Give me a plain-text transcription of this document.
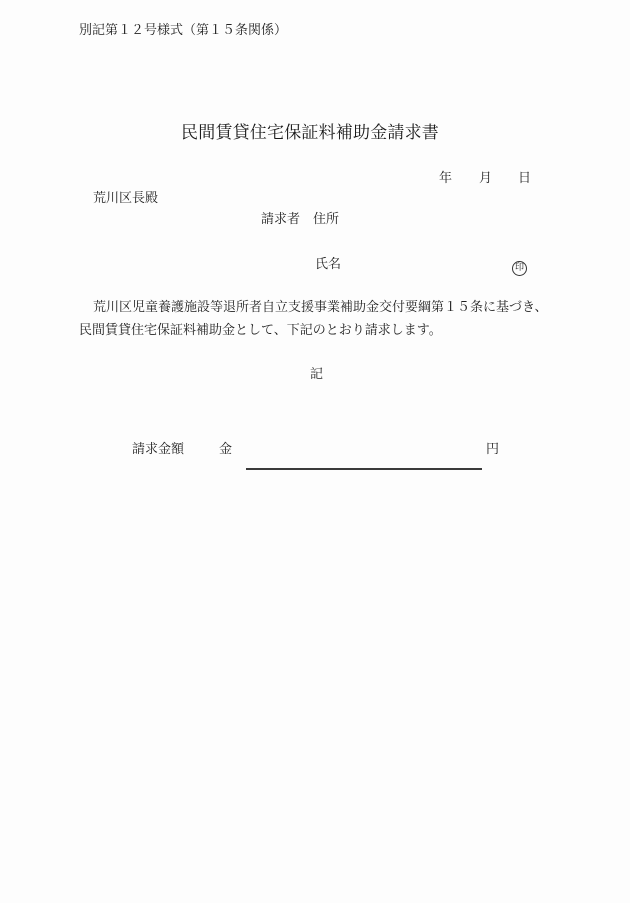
別記第１２号様式（第１５条関係）
民間賃貸住宅保証料補助金請求書
年 月 日
荒川区長殿
請求者 住所
氏名	印
荒川区児童養護施設等退所者自立支援事業補助金交付要綱第１５条に基づき、
民間賃貸住宅保証料補助金として、下記のとおり請求します。
記
請求金額	金	円
